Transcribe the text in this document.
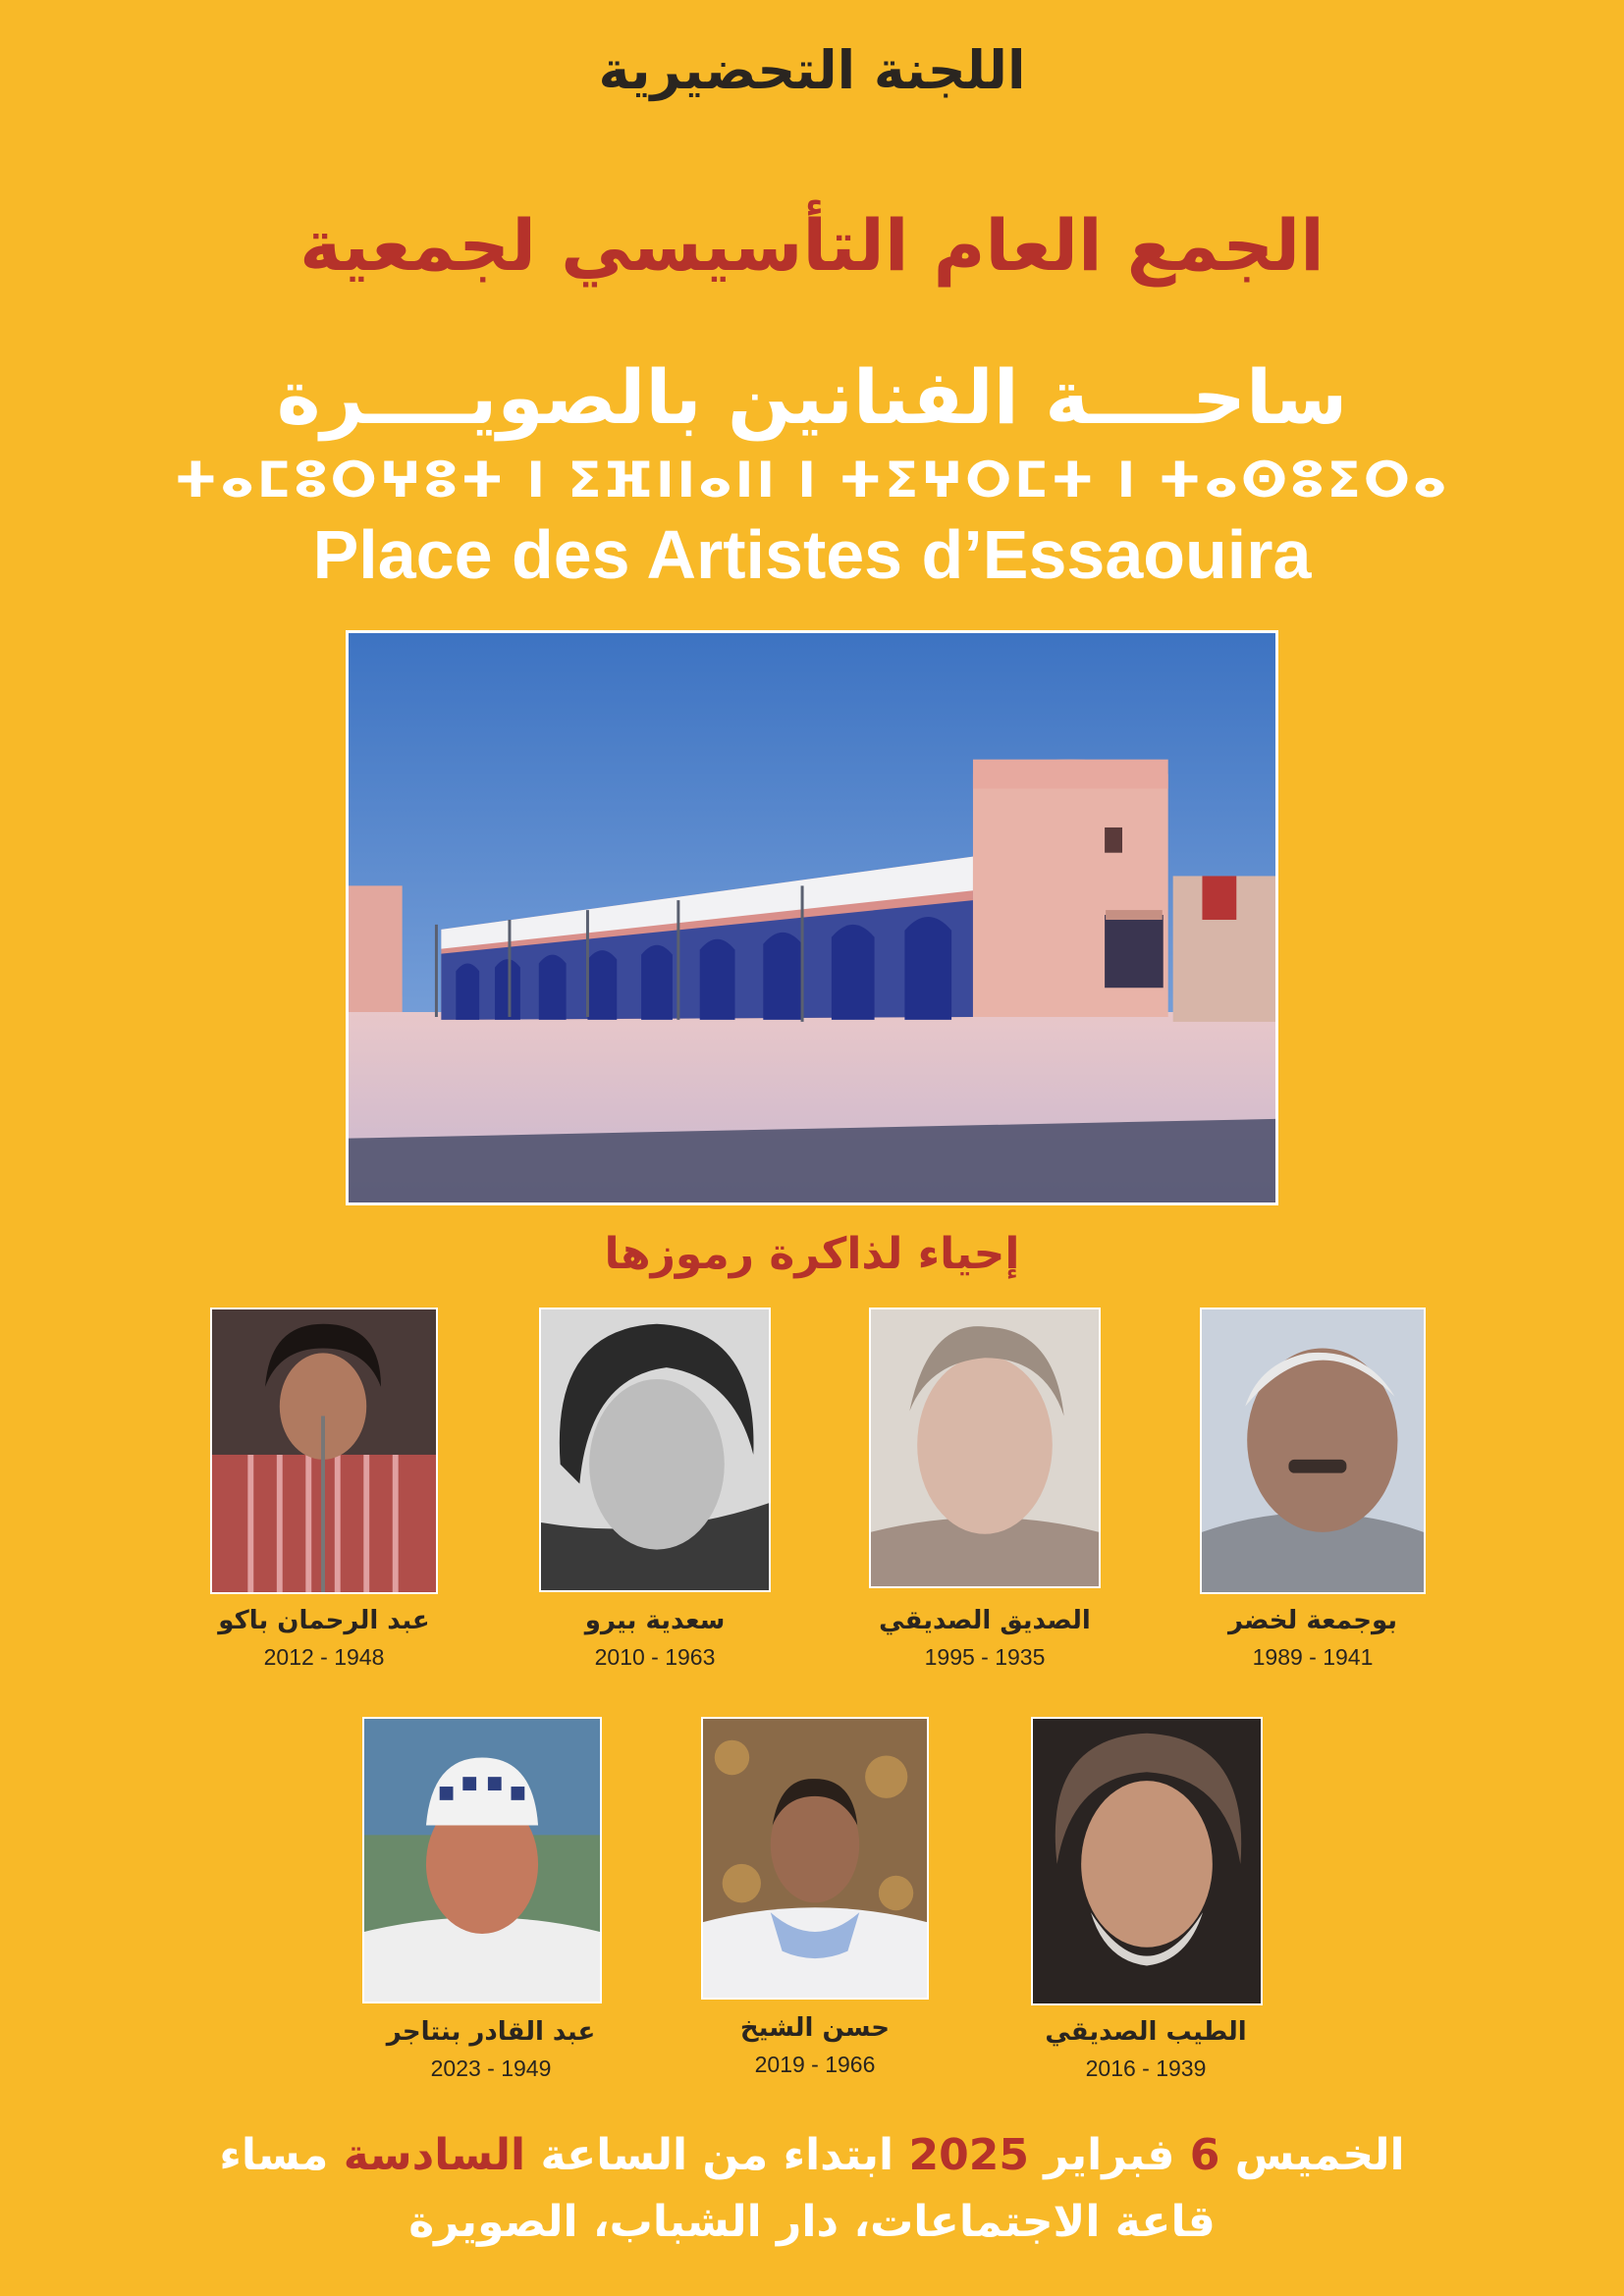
اللجنة التحضيرية
الجمع العام التأسيسي لجمعية
ساحــــة الفنانين بالصويــــرة
ⵜⴰⵎⵓⵔⵖⵓⵜ ⵏ ⵉⴼⵏⵏⴰⵏⵏ ⵏ ⵜⵉⵖⵔⵎⵜ ⵏ ⵜⴰⵙⵓⵉⵔⴰ
Place des Artistes d’Essaouira
إحياء لذاكرة رموزها
بوجمعة لخضر
1989 - 1941
الصديق الصديقي
1995 - 1935
سعدية بيرو
2010 - 1963
عبد الرحمان باكو
2012 - 1948
الطيب الصديقي
2016 - 1939
حسن الشيخ
2019 - 1966
عبد القادر بنتاجر
2023 - 1949
الخميس 6 فبراير 2025 ابتداء من الساعة السادسة مساء
قاعة الاجتماعات، دار الشباب، الصويرة
